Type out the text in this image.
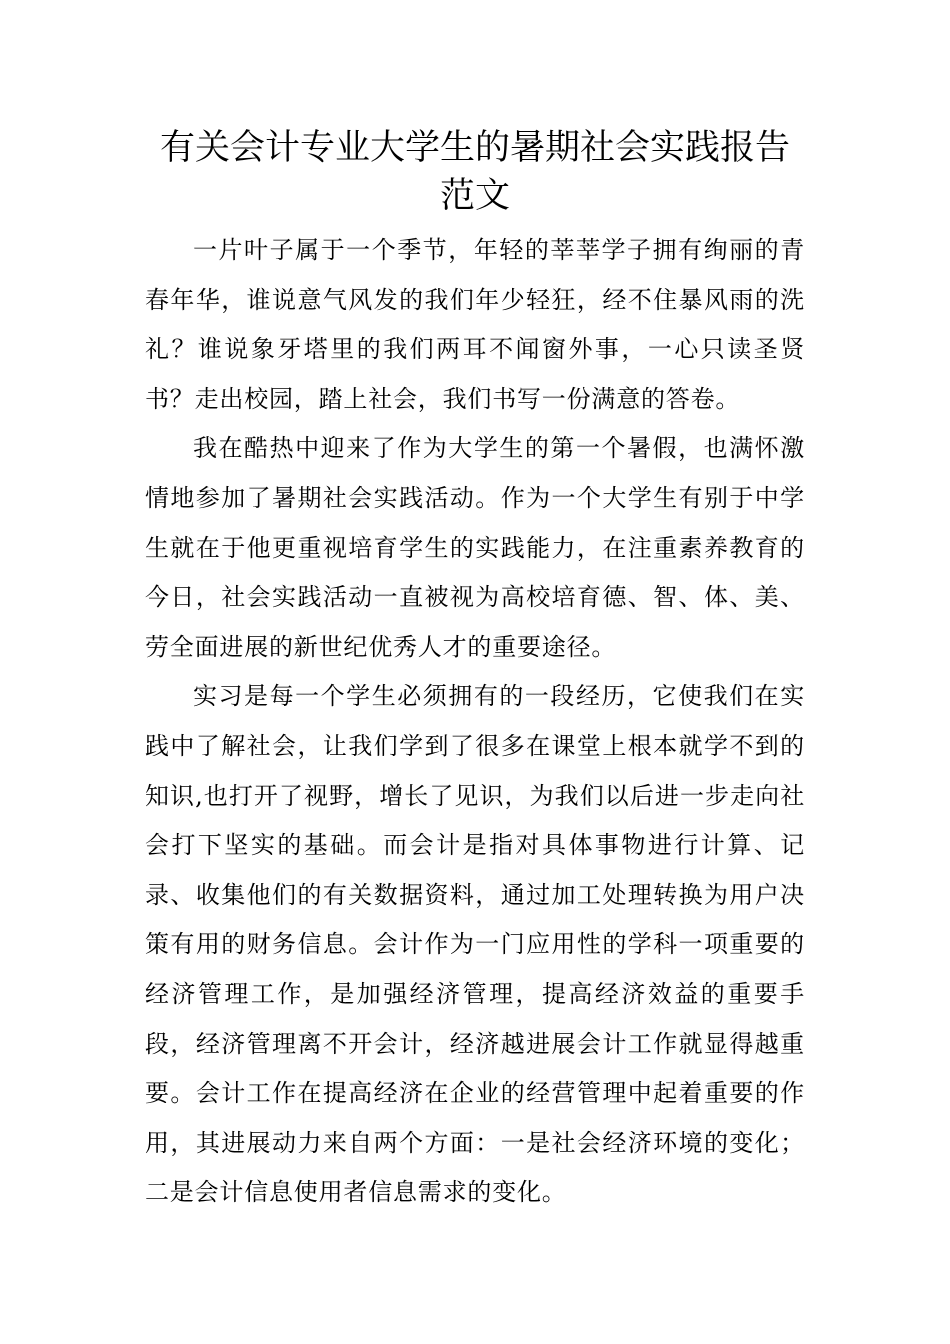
有关会计专业大学生的暑期社会实践报告范文

一片叶子属于一个季节，年轻的莘莘学子拥有绚丽的青春年华，谁说意气风发的我们年少轻狂，经不住暴风雨的洗礼？谁说象牙塔里的我们两耳不闻窗外事，一心只读圣贤书？走出校园，踏上社会，我们书写一份满意的答卷。

我在酷热中迎来了作为大学生的第一个暑假，也满怀激情地参加了暑期社会实践活动。作为一个大学生有别于中学生就在于他更重视培育学生的实践能力，在注重素养教育的今日，社会实践活动一直被视为高校培育德、智、体、美、劳全面进展的新世纪优秀人才的重要途径。

实习是每一个学生必须拥有的一段经历，它使我们在实践中了解社会，让我们学到了很多在课堂上根本就学不到的知识,也打开了视野，增长了见识，为我们以后进一步走向社会打下坚实的基础。而会计是指对具体事物进行计算、记录、收集他们的有关数据资料，通过加工处理转换为用户决策有用的财务信息。会计作为一门应用性的学科一项重要的经济管理工作，是加强经济管理，提高经济效益的重要手段，经济管理离不开会计，经济越进展会计工作就显得越重要。会计工作在提高经济在企业的经营管理中起着重要的作用，其进展动力来自两个方面：一是社会经济环境的变化；二是会计信息使用者信息需求的变化。
